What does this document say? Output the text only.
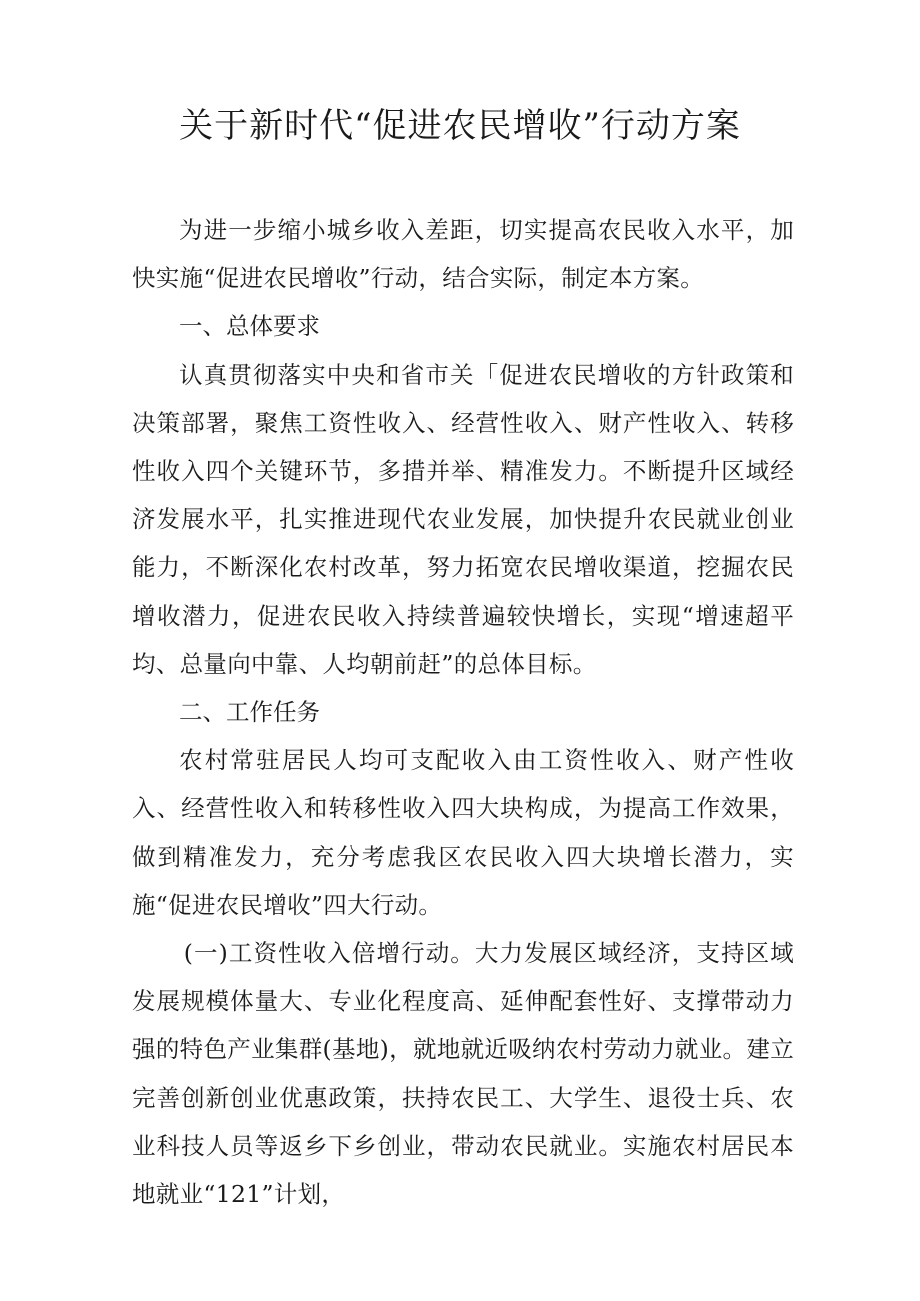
关于新时代“促进农民增收”行动方案

为进一步缩小城乡收入差距，切实提高农民收入水平，加快实施“促进农民增收”行动，结合实际，制定本方案。

一、总体要求

认真贯彻落实中央和省市关「促进农民增收的方针政策和决策部署，聚焦工资性收入、经营性收入、财产性收入、转移性收入四个关键环节，多措并举、精准发力。不断提升区域经济发展水平，扎实推进现代农业发展，加快提升农民就业创业能力，不断深化农村改革，努力拓宽农民增收渠道，挖掘农民增收潜力，促进农民收入持续普遍较快增长，实现“增速超平均、总量向中靠、人均朝前赶”的总体目标。

二、工作任务

农村常驻居民人均可支配收入由工资性收入、财产性收入、经营性收入和转移性收入四大块构成，为提高工作效果，做到精准发力，充分考虑我区农民收入四大块增长潜力，实施“促进农民增收”四大行动。

(一)工资性收入倍增行动。大力发展区域经济，支持区域发展规模体量大、专业化程度高、延伸配套性好、支撑带动力强的特色产业集群(基地)，就地就近吸纳农村劳动力就业。建立完善创新创业优惠政策，扶持农民工、大学生、退役士兵、农业科技人员等返乡下乡创业，带动农民就业。实施农村居民本地就业“121”计划，
